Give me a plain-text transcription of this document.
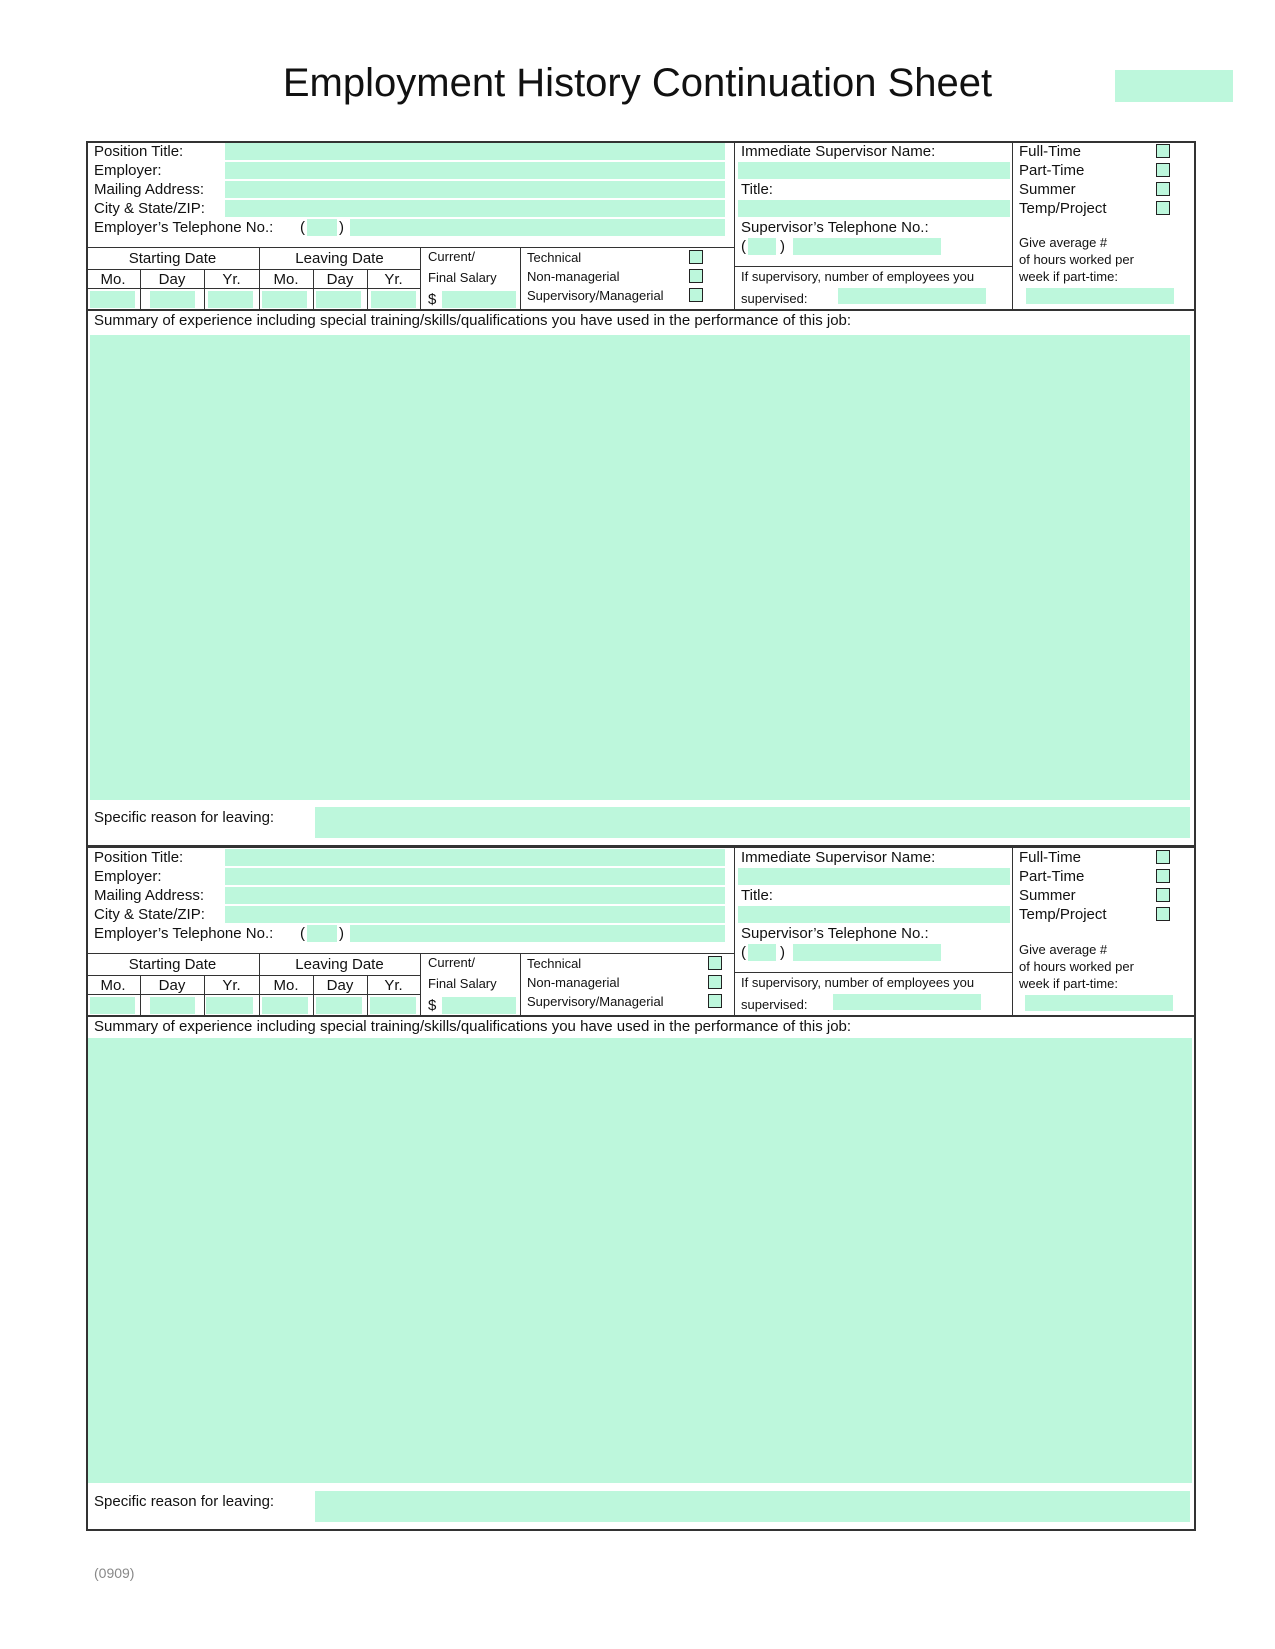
Employment History Continuation Sheet
Position Title:
Employer:
Mailing Address:
City & State/ZIP:
Employer’s Telephone No.: ( )
Immediate Supervisor Name:
Title:
Supervisor’s Telephone No.:
( )
If supervisory, number of employees you
supervised:
Full-Time
Part-Time
Summer
Temp/Project
Give average #
of hours worked per
week if part-time:
Starting Date	Leaving Date
Mo.	Day	Yr.	Mo.	Day	Yr.
Current/
Final Salary
$
Technical
Non-managerial
Supervisory/Managerial
Summary of experience including special training/skills/qualifications you have used in the performance of this job:
Specific reason for leaving:
Position Title:
Employer:
Mailing Address:
City & State/ZIP:
Employer’s Telephone No.: ( )
Immediate Supervisor Name:
Title:
Supervisor’s Telephone No.:
( )
If supervisory, number of employees you
supervised:
Full-Time
Part-Time
Summer
Temp/Project
Give average #
of hours worked per
week if part-time:
Starting Date	Leaving Date
Mo.	Day	Yr.	Mo.	Day	Yr.
Current/
Final Salary
$
Technical
Non-managerial
Supervisory/Managerial
Summary of experience including special training/skills/qualifications you have used in the performance of this job:
Specific reason for leaving:
(0909)
